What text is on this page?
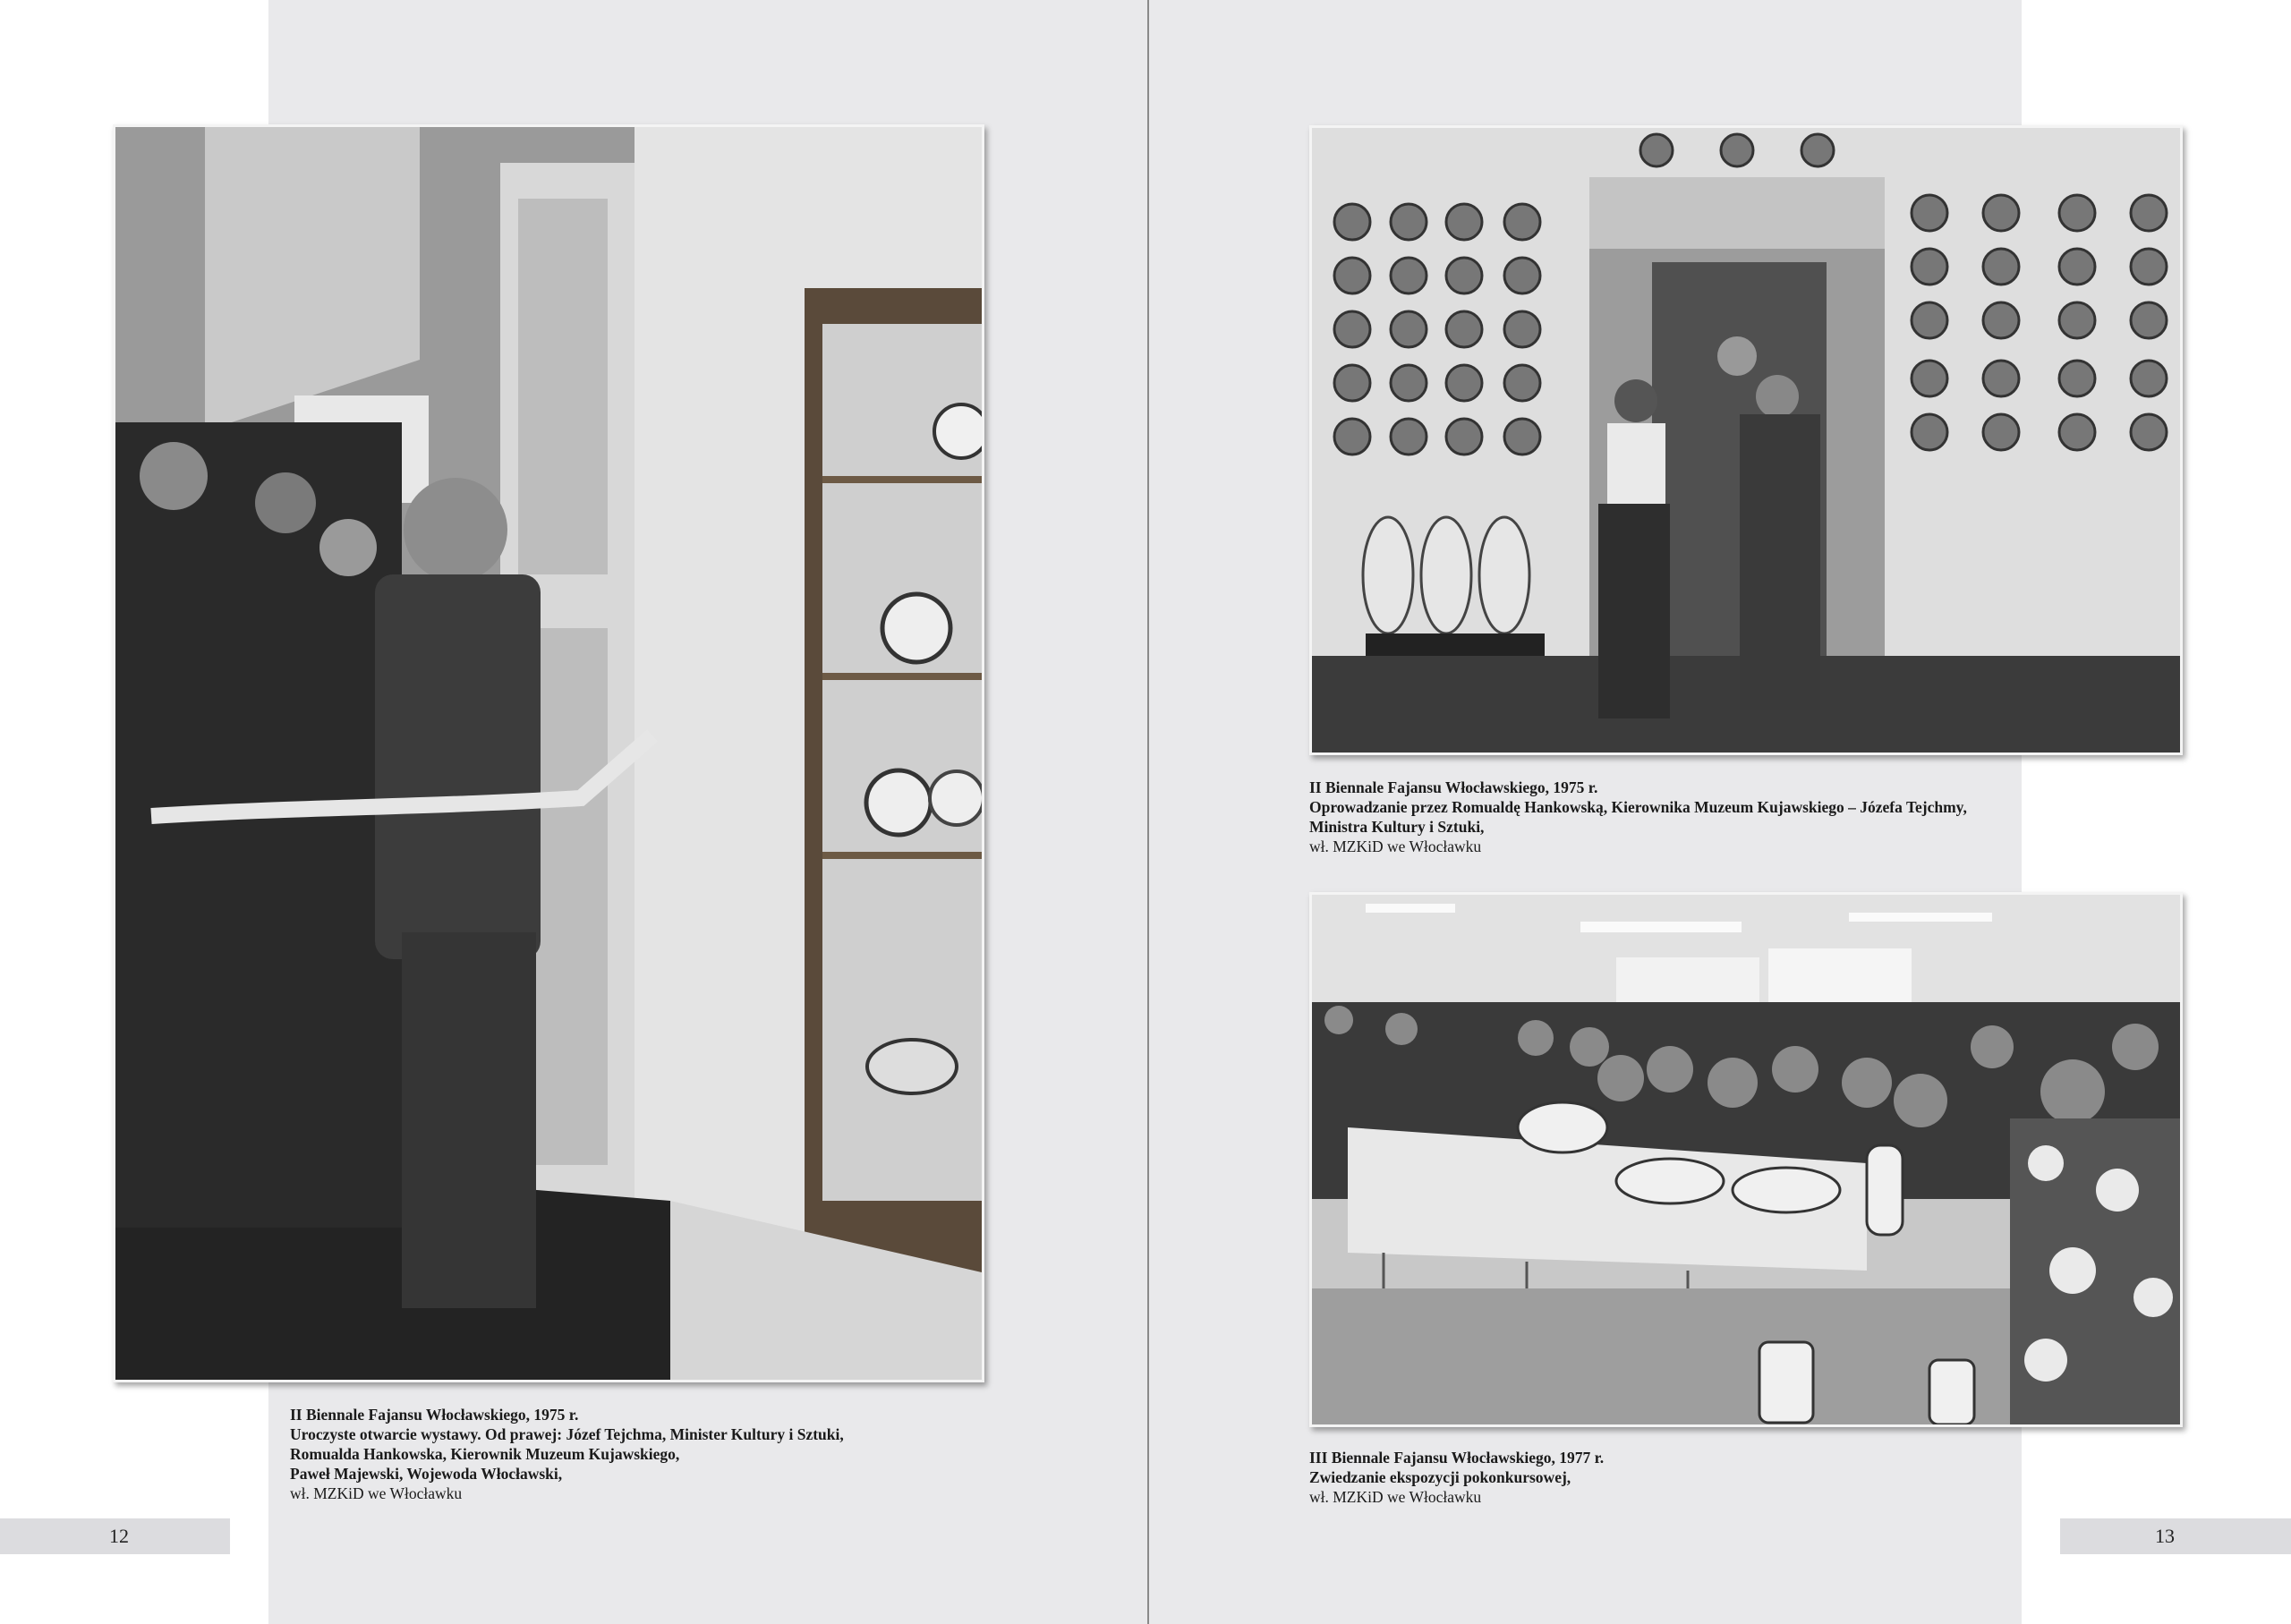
II Biennale Fajansu Włocławskiego, 1975 r.
Uroczyste otwarcie wystawy. Od prawej: Józef Tejchma, Minister Kultury i Sztuki,
Romualda Hankowska, Kierownik Muzeum Kujawskiego,
Paweł Majewski, Wojewoda Włocławski,
wł. MZKiD we Włocławku
12
II Biennale Fajansu Włocławskiego, 1975 r.
Oprowadzanie przez Romualdę Hankowską, Kierownika Muzeum Kujawskiego – Józefa Tejchmy,
Ministra Kultury i Sztuki,
wł. MZKiD we Włocławku
III Biennale Fajansu Włocławskiego, 1977 r.
Zwiedzanie ekspozycji pokonkursowej,
wł. MZKiD we Włocławku
13
